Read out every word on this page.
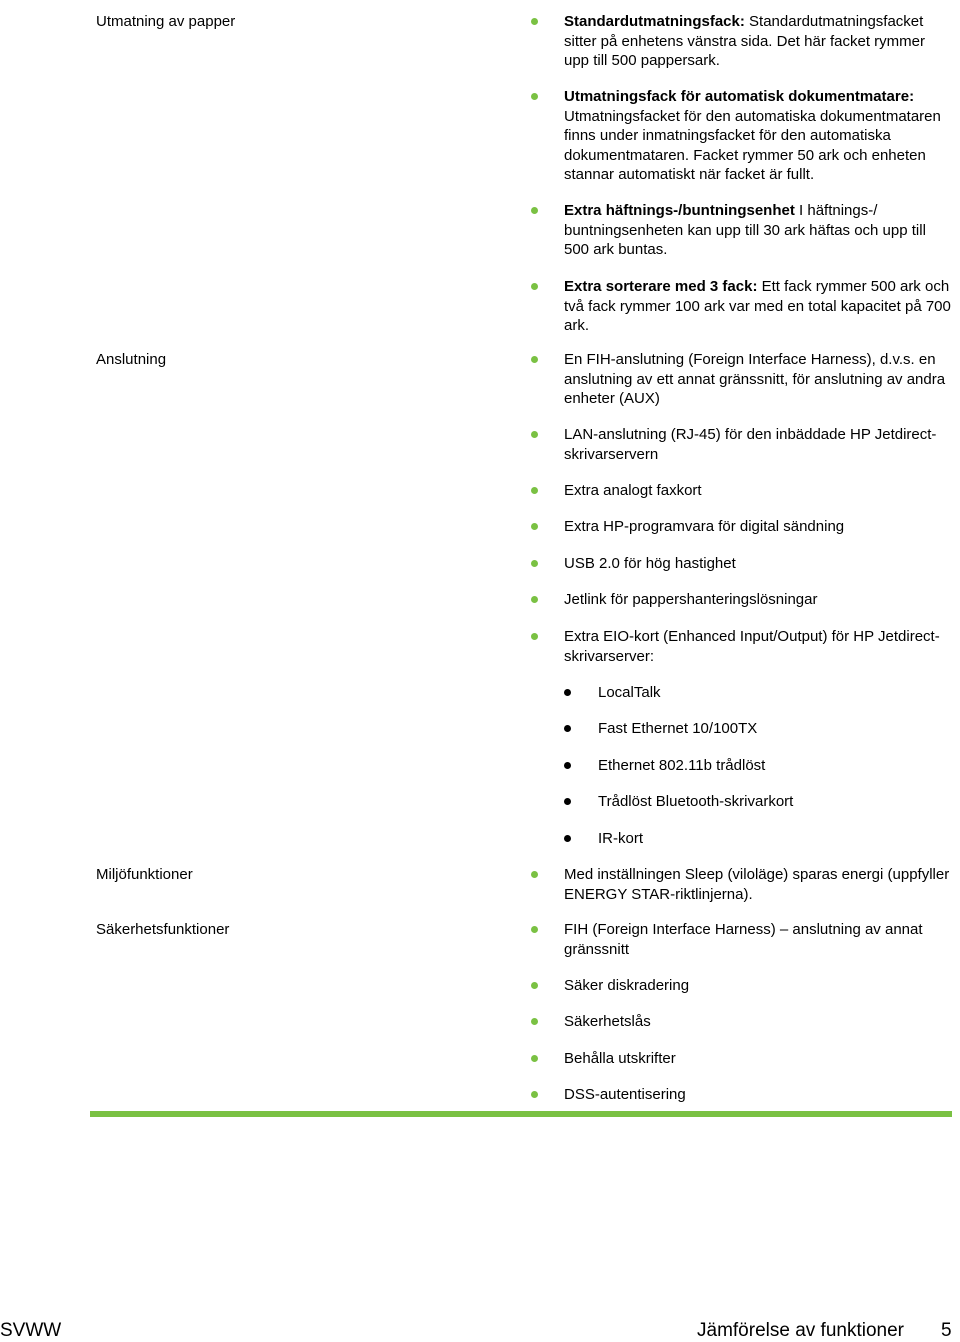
Utmatning av papper	Standardutmatningsfack: Standardutmatningsfacket sitter på enhetens vänstra sida. Det här facket rymmer upp till 500 pappersark.
Utmatningsfack för automatisk dokumentmatare: Utmatningsfacket för den automatiska dokumentmataren finns under inmatningsfacket för den automatiska dokumentmataren. Facket rymmer 50 ark och enheten stannar automatiskt när facket är fullt.
Extra häftnings-/buntningsenhet I häftnings-/ buntningsenheten kan upp till 30 ark häftas och upp till 500 ark buntas.
Extra sorterare med 3 fack: Ett fack rymmer 500 ark och två fack rymmer 100 ark var med en total kapacitet på 700 ark.
Anslutning	En FIH-anslutning (Foreign Interface Harness), d.v.s. en anslutning av ett annat gränssnitt, för anslutning av andra enheter (AUX)
LAN-anslutning (RJ-45) för den inbäddade HP Jetdirect-skrivarservern
Extra analogt faxkort
Extra HP-programvara för digital sändning
USB 2.0 för hög hastighet
Jetlink för pappershanteringslösningar
Extra EIO-kort (Enhanced Input/Output) för HP Jetdirect-skrivarserver:
LocalTalk
Fast Ethernet 10/100TX
Ethernet 802.11b trådlöst
Trådlöst Bluetooth-skrivarkort
IR-kort
Miljöfunktioner	Med inställningen Sleep (viloläge) sparas energi (uppfyller ENERGY STAR-riktlinjerna).
Säkerhetsfunktioner	FIH (Foreign Interface Harness) – anslutning av annat gränssnitt
Säker diskradering
Säkerhetslås
Behålla utskrifter
DSS-autentisering
SVWW	Jämförelse av funktioner 5
